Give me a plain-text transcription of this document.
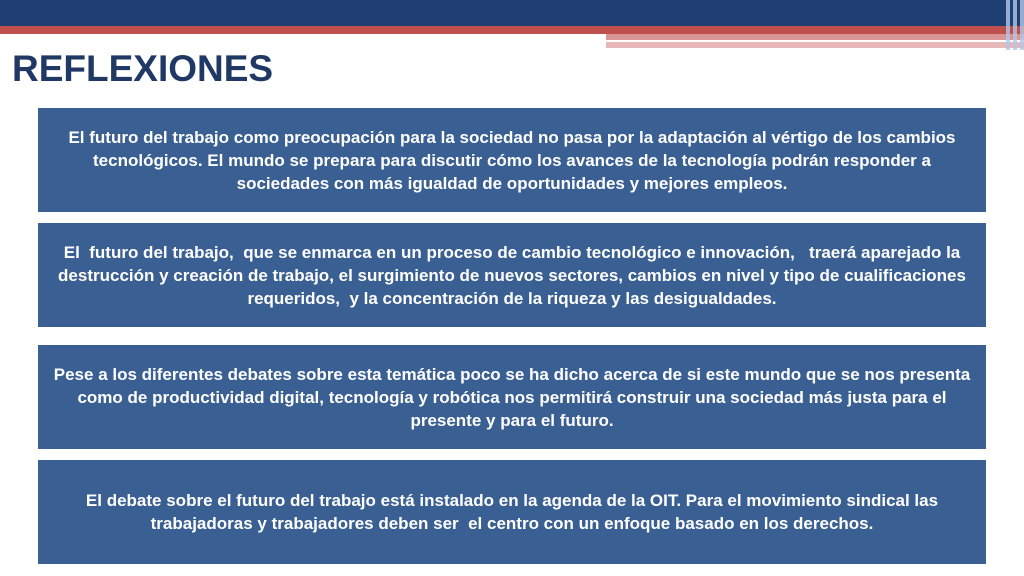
REFLEXIONES

El futuro del trabajo como preocupación para la sociedad no pasa por la adaptación al vértigo de los cambios tecnológicos. El mundo se prepara para discutir cómo los avances de la tecnología podrán responder a sociedades con más igualdad de oportunidades y mejores empleos.

El  futuro del trabajo,  que se enmarca en un proceso de cambio tecnológico e innovación,   traerá aparejado la destrucción y creación de trabajo, el surgimiento de nuevos sectores, cambios en nivel y tipo de cualificaciones requeridos,  y la concentración de la riqueza y las desigualdades.

Pese a los diferentes debates sobre esta temática poco se ha dicho acerca de si este mundo que se nos presenta como de productividad digital, tecnología y robótica nos permitirá construir una sociedad más justa para el presente y para el futuro.

El debate sobre el futuro del trabajo está instalado en la agenda de la OIT. Para el movimiento sindical las trabajadoras y trabajadores deben ser  el centro con un enfoque basado en los derechos.
